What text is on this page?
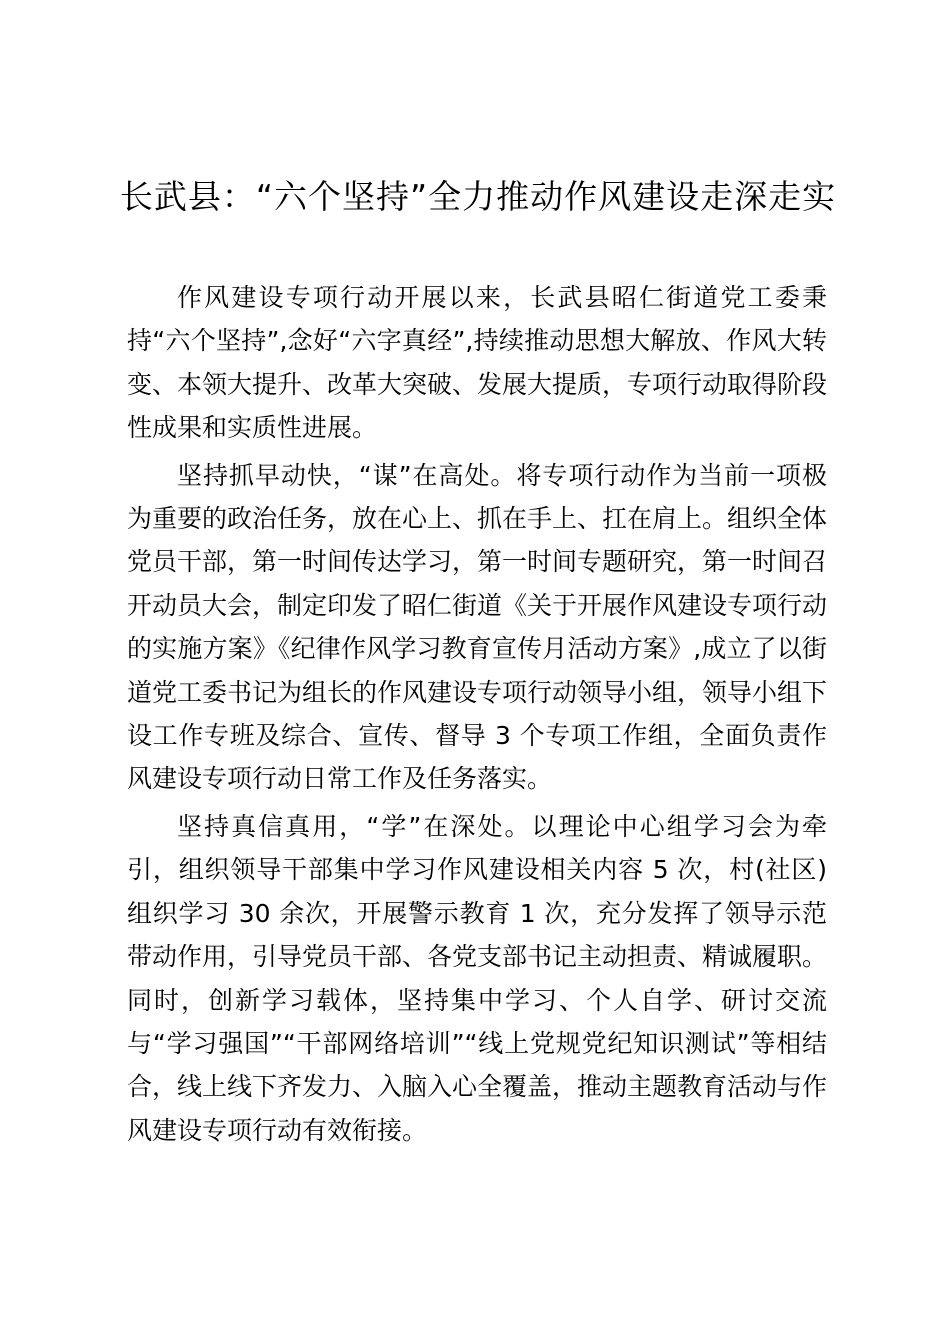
长武县：“六个坚持”全力推动作风建设走深走实

作风建设专项行动开展以来，长武县昭仁街道党工委秉持“六个坚持”,念好“六字真经”,持续推动思想大解放、作风大转变、本领大提升、改革大突破、发展大提质，专项行动取得阶段性成果和实质性进展。

坚持抓早动快，“谋”在高处。将专项行动作为当前一项极为重要的政治任务，放在心上、抓在手上、扛在肩上。组织全体党员干部，第一时间传达学习，第一时间专题研究，第一时间召开动员大会，制定印发了昭仁街道《关于开展作风建设专项行动的实施方案》《纪律作风学习教育宣传月活动方案》,成立了以街道党工委书记为组长的作风建设专项行动领导小组，领导小组下设工作专班及综合、宣传、督导 3 个专项工作组，全面负责作风建设专项行动日常工作及任务落实。

坚持真信真用，“学”在深处。以理论中心组学习会为牵引，组织领导干部集中学习作风建设相关内容 5 次，村(社区)组织学习 30 余次，开展警示教育 1 次，充分发挥了领导示范带动作用，引导党员干部、各党支部书记主动担责、精诚履职。同时，创新学习载体，坚持集中学习、个人自学、研讨交流与“学习强国”“干部网络培训”“线上党规党纪知识测试”等相结合，线上线下齐发力、入脑入心全覆盖，推动主题教育活动与作风建设专项行动有效衔接。
